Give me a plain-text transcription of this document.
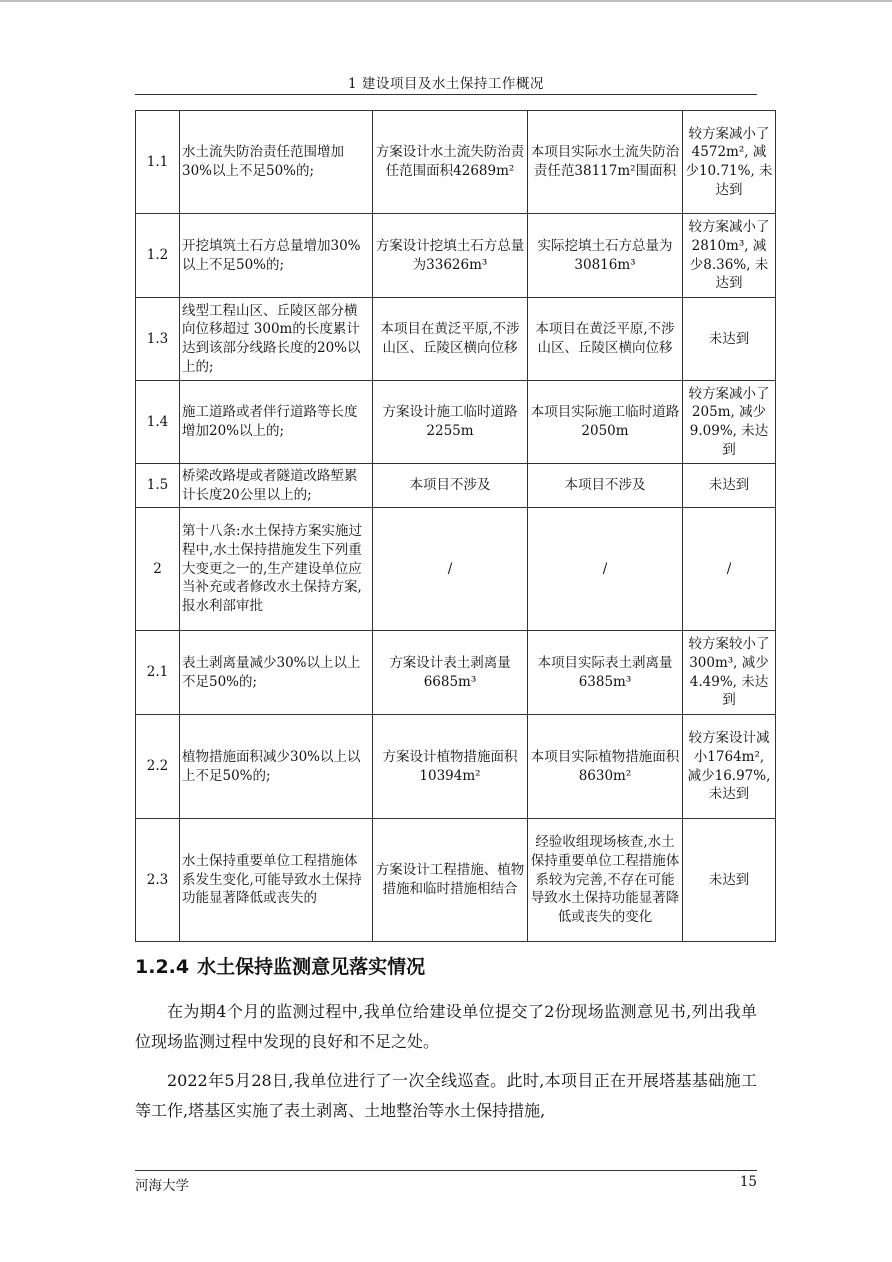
1 建设项目及水土保持工作概况
1.1	水土流失防治责任范围增加30%以上不足50%的;	方案设计水土流失防治责任范围面积42689m²	本项目实际水土流失防治责任范38117m²围面积	较方案减小了4572m², 减少10.71%, 未达到
1.2	开挖填筑土石方总量增加30%以上不足50%的;	方案设计挖填土石方总量为33626m³	实际挖填土石方总量为30816m³	较方案减小了2810m³, 减少8.36%, 未达到
1.3	线型工程山区、丘陵区部分横向位移超过 300m的长度累计达到该部分线路长度的20%以上的;	本项目在黄泛平原,不涉山区、丘陵区横向位移	本项目在黄泛平原,不涉山区、丘陵区横向位移	未达到
1.4	施工道路或者伴行道路等长度增加20%以上的;	方案设计施工临时道路2255m	本项目实际施工临时道路2050m	较方案减小了205m, 减少9.09%, 未达到
1.5	桥梁改路堤或者隧道改路堑累计长度20公里以上的;	本项目不涉及	本项目不涉及	未达到
2	第十八条:水土保持方案实施过程中,水土保持措施发生下列重大变更之一的,生产建设单位应当补充或者修改水土保持方案,报水利部审批	/	/	/
2.1	表土剥离量减少30%以上以上不足50%的;	方案设计表土剥离量6685m³	本项目实际表土剥离量6385m³	较方案较小了300m³, 减少4.49%, 未达到
2.2	植物措施面积减少30%以上以上不足50%的;	方案设计植物措施面积10394m²	本项目实际植物措施面积8630m²	较方案设计减小1764m², 减少16.97%, 未达到
2.3	水土保持重要单位工程措施体系发生变化,可能导致水土保持功能显著降低或丧失的	方案设计工程措施、植物措施和临时措施相结合	经验收组现场核查,水土保持重要单位工程措施体系较为完善,不存在可能导致水土保持功能显著降低或丧失的变化	未达到
1.2.4 水土保持监测意见落实情况

在为期4个月的监测过程中,我单位给建设单位提交了2份现场监测意见书,列出我单位现场监测过程中发现的良好和不足之处。

2022年5月28日,我单位进行了一次全线巡查。此时,本项目正在开展塔基基础施工等工作,塔基区实施了表土剥离、土地整治等水土保持措施,

河海大学	15
